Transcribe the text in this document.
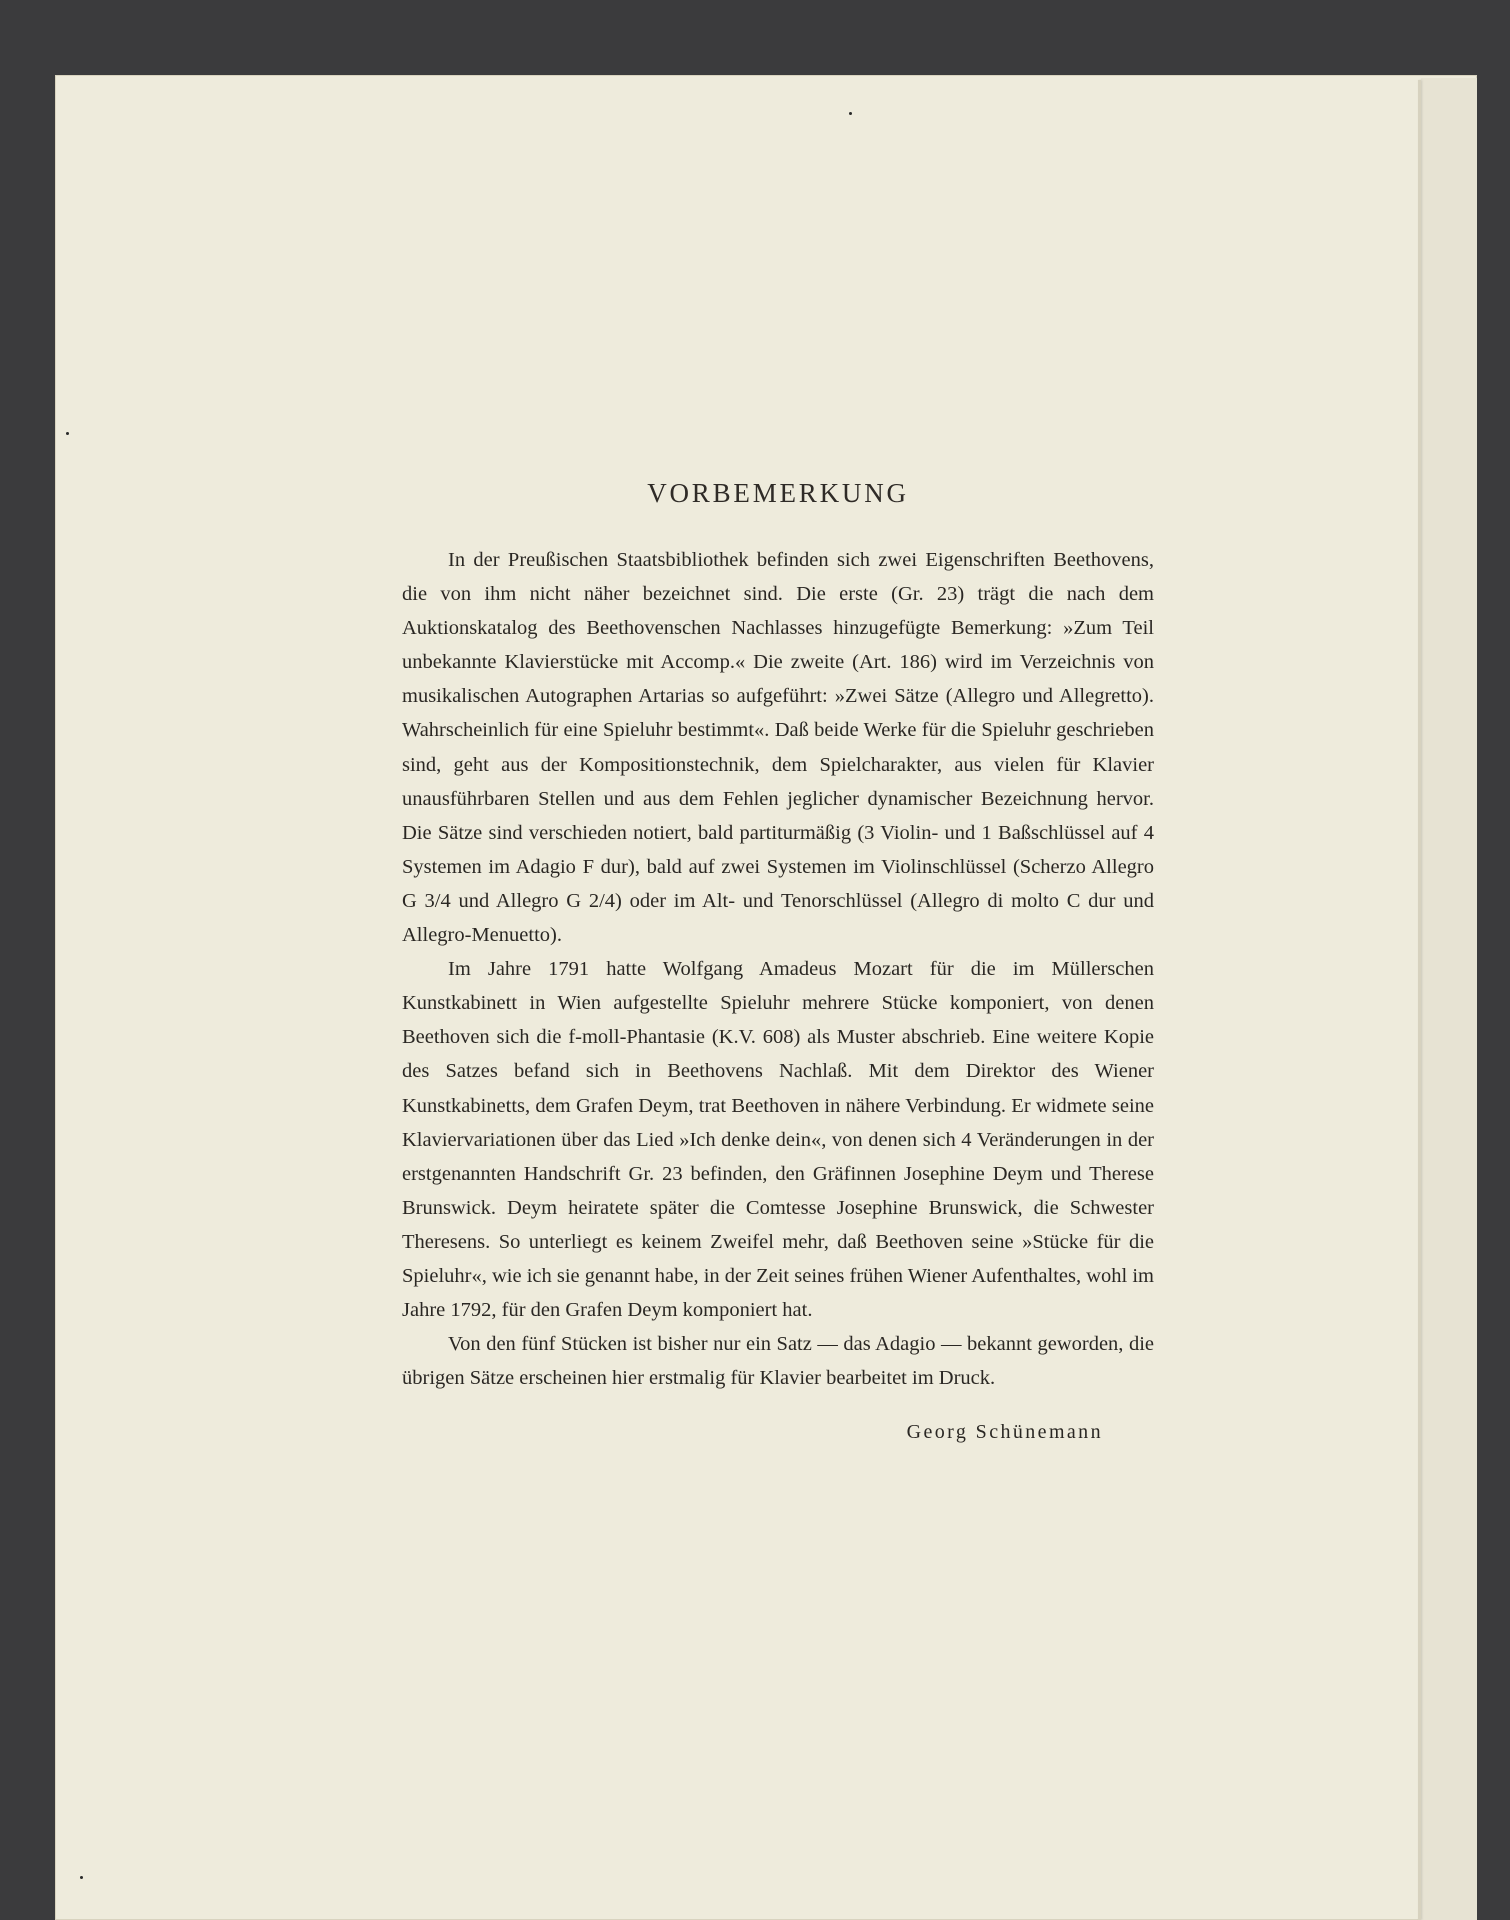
VORBEMERKUNG

In der Preußischen Staatsbibliothek befinden sich zwei Eigenschriften Beethovens, die von ihm nicht näher bezeichnet sind. Die erste (Gr. 23) trägt die nach dem Auktionskatalog des Beethovenschen Nachlasses hinzugefügte Bemerkung: »Zum Teil unbekannte Klavierstücke mit Accomp.« Die zweite (Art. 186) wird im Verzeichnis von musikalischen Autographen Artarias so aufgeführt: »Zwei Sätze (Allegro und Allegretto). Wahrscheinlich für eine Spieluhr bestimmt«. Daß beide Werke für die Spieluhr geschrieben sind, geht aus der Kompositionstechnik, dem Spielcharakter, aus vielen für Klavier unausführbaren Stellen und aus dem Fehlen jeglicher dynamischer Bezeichnung hervor. Die Sätze sind verschieden notiert, bald partiturmäßig (3 Violin- und 1 Baßschlüssel auf 4 Systemen im Adagio F dur), bald auf zwei Systemen im Violinschlüssel (Scherzo Allegro G 3/4 und Allegro G 2/4) oder im Alt- und Tenorschlüssel (Allegro di molto C dur und Allegro-Menuetto).

Im Jahre 1791 hatte Wolfgang Amadeus Mozart für die im Müllerschen Kunstkabinett in Wien aufgestellte Spieluhr mehrere Stücke komponiert, von denen Beethoven sich die f-moll-Phantasie (K.V. 608) als Muster abschrieb. Eine weitere Kopie des Satzes befand sich in Beethovens Nachlaß. Mit dem Direktor des Wiener Kunstkabinetts, dem Grafen Deym, trat Beethoven in nähere Verbindung. Er widmete seine Klaviervariationen über das Lied »Ich denke dein«, von denen sich 4 Veränderungen in der erstgenannten Handschrift Gr. 23 befinden, den Gräfinnen Josephine Deym und Therese Brunswick. Deym heiratete später die Comtesse Josephine Brunswick, die Schwester Theresens. So unterliegt es keinem Zweifel mehr, daß Beethoven seine »Stücke für die Spieluhr«, wie ich sie genannt habe, in der Zeit seines frühen Wiener Aufenthaltes, wohl im Jahre 1792, für den Grafen Deym komponiert hat.

Von den fünf Stücken ist bisher nur ein Satz — das Adagio — bekannt geworden, die übrigen Sätze erscheinen hier erstmalig für Klavier bearbeitet im Druck.

Georg Schünemann
